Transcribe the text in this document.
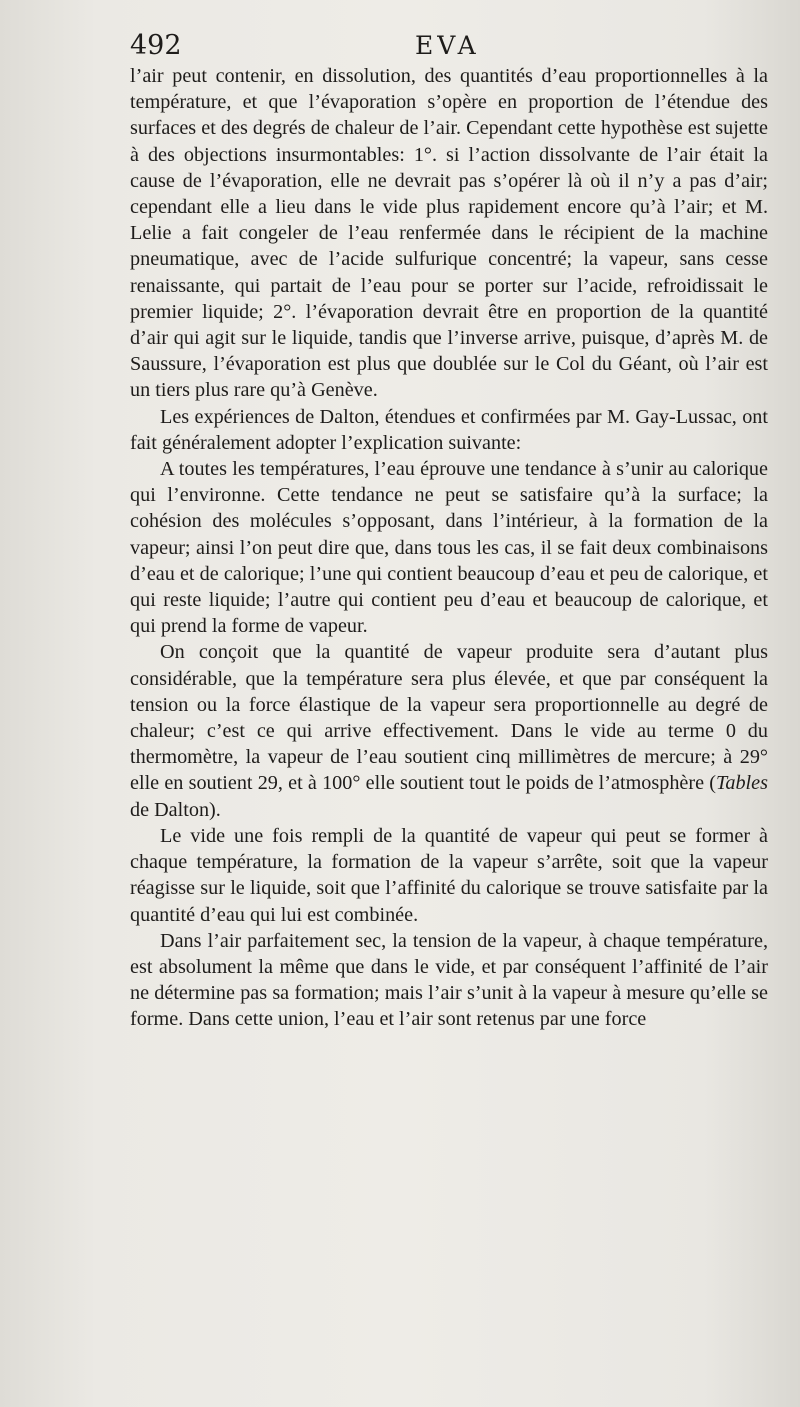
492	EVA

l’air peut contenir, en dissolution, des quantités d’eau proportionnelles à la température, et que l’évaporation s’opère en proportion de l’étendue des surfaces et des degrés de chaleur de l’air. Cependant cette hypothèse est sujette à des objections insurmontables: 1°. si l’action dissolvante de l’air était la cause de l’évaporation, elle ne devrait pas s’opérer là où il n’y a pas d’air; cependant elle a lieu dans le vide plus rapidement encore qu’à l’air; et M. Lelie a fait congeler de l’eau renfermée dans le récipient de la machine pneumatique, avec de l’acide sulfurique concentré; la vapeur, sans cesse renaissante, qui partait de l’eau pour se porter sur l’acide, refroidissait le premier liquide; 2°. l’évaporation devrait être en proportion de la quantité d’air qui agit sur le liquide, tandis que l’inverse arrive, puisque, d’après M. de Saussure, l’évaporation est plus que doublée sur le Col du Géant, où l’air est un tiers plus rare qu’à Genève.

Les expériences de Dalton, étendues et confirmées par M. Gay-Lussac, ont fait généralement adopter l’explication suivante:

A toutes les températures, l’eau éprouve une tendance à s’unir au calorique qui l’environne. Cette tendance ne peut se satisfaire qu’à la surface; la cohésion des molécules s’opposant, dans l’intérieur, à la formation de la vapeur; ainsi l’on peut dire que, dans tous les cas, il se fait deux combinaisons d’eau et de calorique; l’une qui contient beaucoup d’eau et peu de calorique, et qui reste liquide; l’autre qui contient peu d’eau et beaucoup de calorique, et qui prend la forme de vapeur.

On conçoit que la quantité de vapeur produite sera d’autant plus considérable, que la température sera plus élevée, et que par conséquent la tension ou la force élastique de la vapeur sera proportionnelle au degré de chaleur; c’est ce qui arrive effectivement. Dans le vide au terme 0 du thermomètre, la vapeur de l’eau soutient cinq millimètres de mercure; à 29° elle en soutient 29, et à 100° elle soutient tout le poids de l’atmosphère (Tables de Dalton).

Le vide une fois rempli de la quantité de vapeur qui peut se former à chaque température, la formation de la vapeur s’arrête, soit que la vapeur réagisse sur le liquide, soit que l’affinité du calorique se trouve satisfaite par la quantité d’eau qui lui est combinée.

Dans l’air parfaitement sec, la tension de la vapeur, à chaque température, est absolument la même que dans le vide, et par conséquent l’affinité de l’air ne détermine pas sa formation; mais l’air s’unit à la vapeur à mesure qu’elle se forme. Dans cette union, l’eau et l’air sont retenus par une force
